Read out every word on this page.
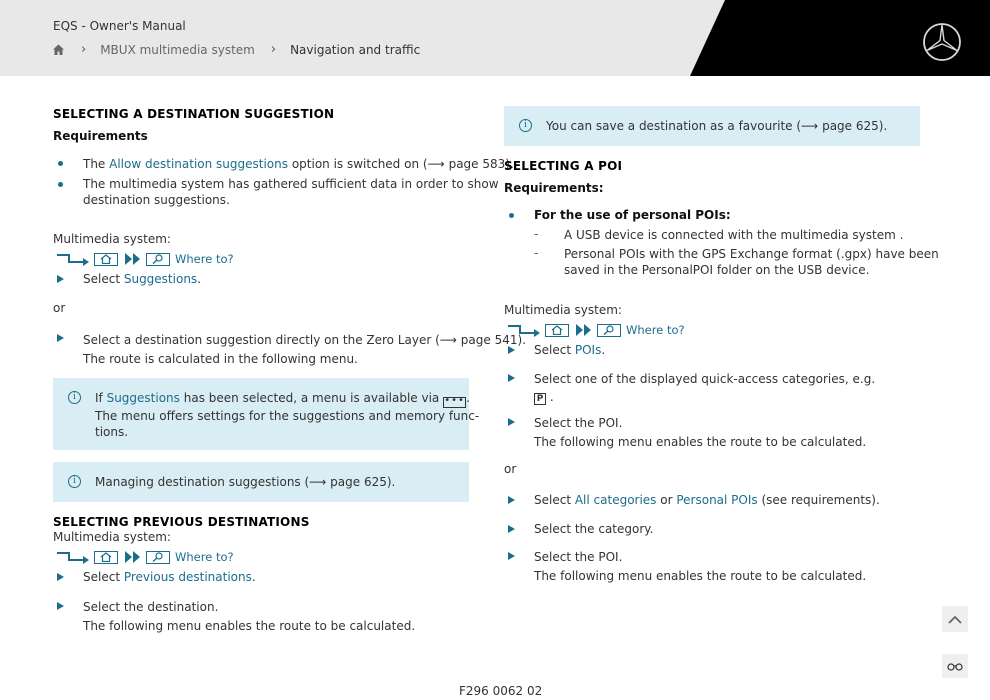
EQS - Owner's Manual
› MBUX multimedia system › Navigation and traffic
SELECTING A DESTINATION SUGGESTION
Requirements
The Allow destination suggestions option is switched on (⟶ page 583).
The multimedia system has gathered sufficient data in order to show
destination suggestions.
Multimedia system:
Where to?
Select Suggestions.
or
Select a destination suggestion directly on the Zero Layer (⟶ page 541).
The route is calculated in the following menu.
i	If Suggestions has been selected, a menu is available via •••.
The menu offers settings for the suggestions and memory func-
tions.
i	Managing destination suggestions (⟶ page 625).
SELECTING PREVIOUS DESTINATIONS
Multimedia system:
Where to?
Select Previous destinations.
Select the destination.
The following menu enables the route to be calculated.
i	You can save a destination as a favourite (⟶ page 625).
SELECTING A POI
Requirements:
For the use of personal POIs:
- A USB device is connected with the multimedia system .
- Personal POIs with the GPS Exchange format (.gpx) have been
saved in the PersonalPOI folder on the USB device.
Multimedia system:
Where to?
Select POIs.
Select one of the displayed quick-access categories, e.g.
P .
Select the POI.
The following menu enables the route to be calculated.
or
Select All categories or Personal POIs (see requirements).
Select the category.
Select the POI.
The following menu enables the route to be calculated.
F296 0062 02
